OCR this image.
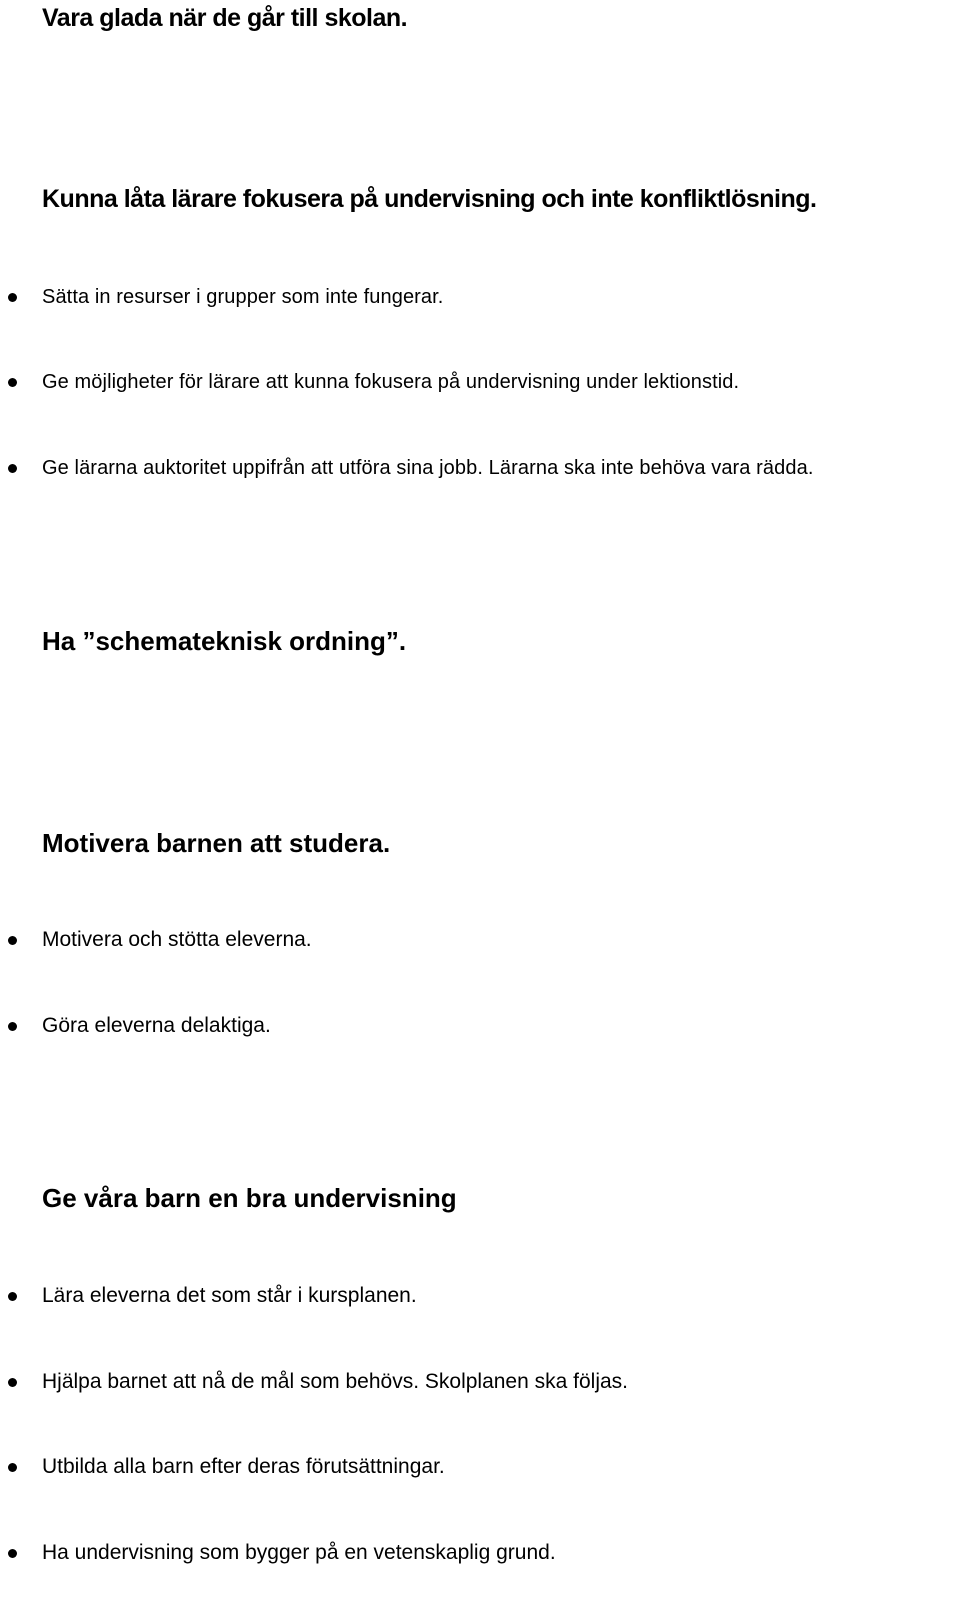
Vara glada när de går till skolan.
Kunna låta lärare fokusera på undervisning och inte konfliktlösning.
Sätta in resurser i grupper som inte fungerar.
Ge möjligheter för lärare att kunna fokusera på undervisning under lektionstid.
Ge lärarna auktoritet uppifrån att utföra sina jobb. Lärarna ska inte behöva vara rädda.
Ha ”schemateknisk ordning”.
Motivera barnen att studera.
Motivera och stötta eleverna.
Göra eleverna delaktiga.
Ge våra barn en bra undervisning
Lära eleverna det som står i kursplanen.
Hjälpa barnet att nå de mål som behövs. Skolplanen ska följas.
Utbilda alla barn efter deras förutsättningar.
Ha undervisning som bygger på en vetenskaplig grund.
